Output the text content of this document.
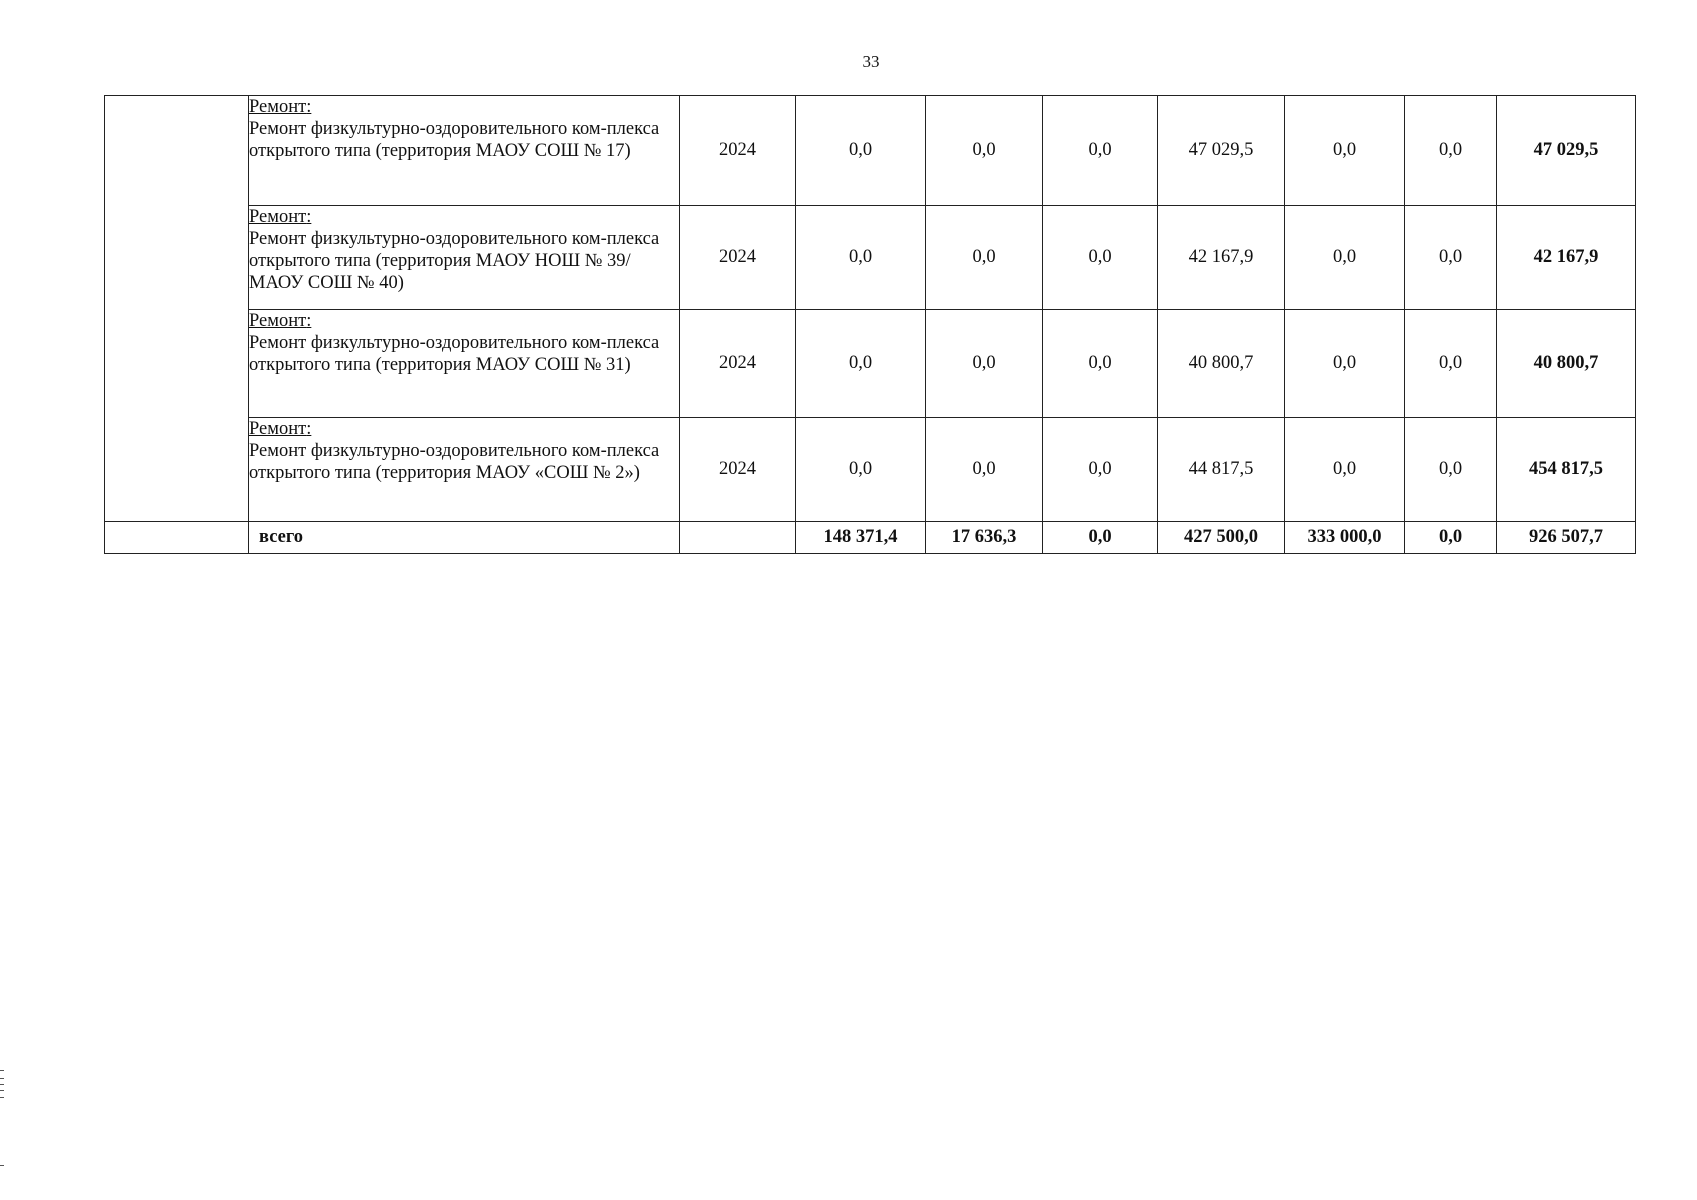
33

	Ремонт:
Ремонт физкультурно-оздоровительного ком-плекса открытого типа (территория МАОУ СОШ № 17)	2024	0,0	0,0	0,0	47 029,5	0,0	0,0	47 029,5

	Ремонт:
Ремонт физкультурно-оздоровительного ком-плекса открытого типа (территория МАОУ НОШ № 39/ МАОУ СОШ № 40)	2024	0,0	0,0	0,0	42 167,9	0,0	0,0	42 167,9

	Ремонт:
Ремонт физкультурно-оздоровительного ком-плекса открытого типа (территория МАОУ СОШ № 31)	2024	0,0	0,0	0,0	40 800,7	0,0	0,0	40 800,7

	Ремонт:
Ремонт физкультурно-оздоровительного ком-плекса открытого типа (территория МАОУ «СОШ № 2»)	2024	0,0	0,0	0,0	44 817,5	0,0	0,0	454 817,5
	всего		148 371,4	17 636,3	0,0	427 500,0	333 000,0	0,0	926 507,7
